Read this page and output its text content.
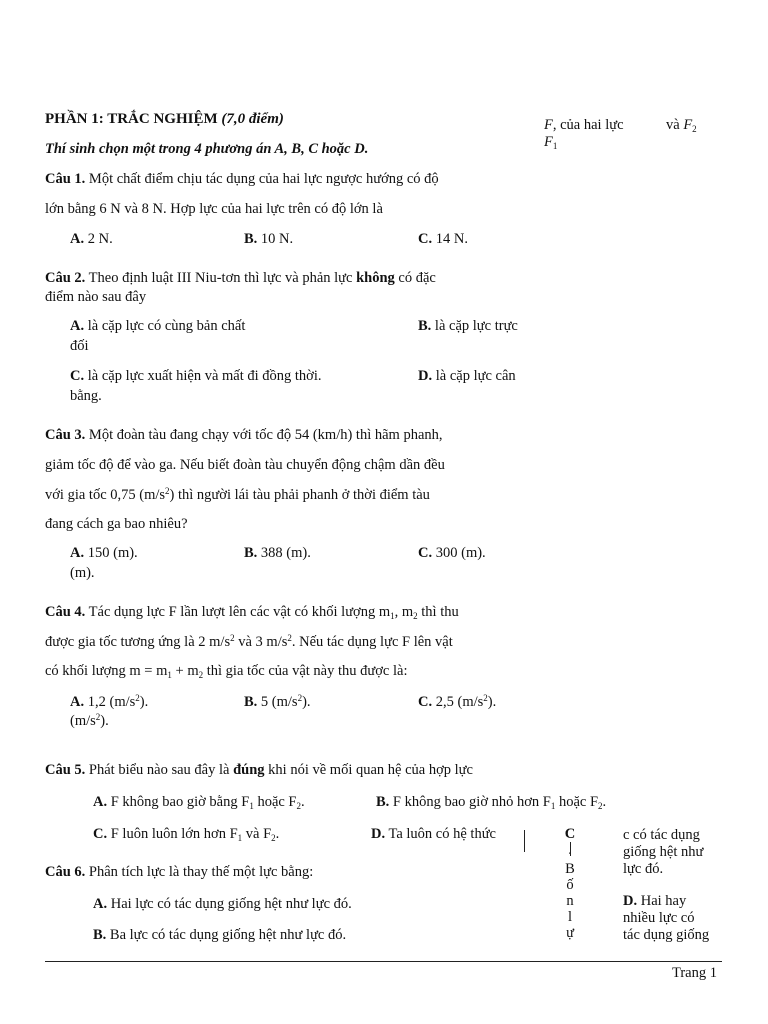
PHẦN 1: TRẮC NGHIỆM (7,0 điểm)
Thí sinh chọn một trong 4 phương án A, B, C hoặc D.
F, của hai lực	và $F_2$
$F_1$
Câu 1. Một chất điểm chịu tác dụng của hai lực ngược hướng có độ
lớn bằng 6 N và 8 N. Hợp lực của hai lực trên có độ lớn là
A. 2 N.	B. 10 N.	C. 14 N.
Câu 2. Theo định luật III Niu-tơn thì lực và phản lực không có đặc
điểm nào sau đây
A. là cặp lực có cùng bản chất	B. là cặp lực trực
đối
C. là cặp lực xuất hiện và mất đi đồng thời.	D. là cặp lực cân
bằng.
Câu 3. Một đoàn tàu đang chạy với tốc độ 54 (km/h) thì hãm phanh,
giảm tốc độ để vào ga. Nếu biết đoàn tàu chuyển động chậm dần đều
với gia tốc 0,75 $(m/s^2)$ thì người lái tàu phải phanh ở thời điểm tàu
đang cách ga bao nhiêu?
A. 150 (m).	B. 388 (m).	C. 300 (m).
(m).
Câu 4. Tác dụng lực F lần lượt lên các vật có khối lượng $m_1$, $m_2$ thì thu
được gia tốc tương ứng là 2 $m/s^2$ và 3 $m/s^2$. Nếu tác dụng lực F lên vật
có khối lượng $m = m_1 + m_2$ thì gia tốc của vật này thu được là:
A. 1,2 $(m/s^2)$.	B. 5 $(m/s^2)$.	C. 2,5 $(m/s^2)$.
$(m/s^2)$.
Câu 5. Phát biểu nào sau đây là đúng khi nói về mối quan hệ của hợp lực
A. F không bao giờ bằng $F_1$ hoặc $F_2$.	B. F không bao giờ nhỏ hơn $F_1$ hoặc $F_2$.
C. F luôn luôn lớn hơn $F_1$ và $F_2$.	D. Ta luôn có hệ thức
Câu 6. Phân tích lực là thay thế một lực bằng:
A. Hai lực có tác dụng giống hệt như lực đó.
B. Ba lực có tác dụng giống hệt như lực đó.
C
.
B
ố
n
l
ự
c có tác dụng
giống hệt như
lực đó.
D. Hai hay
nhiều lực có
tác dụng giống
Trang 1
